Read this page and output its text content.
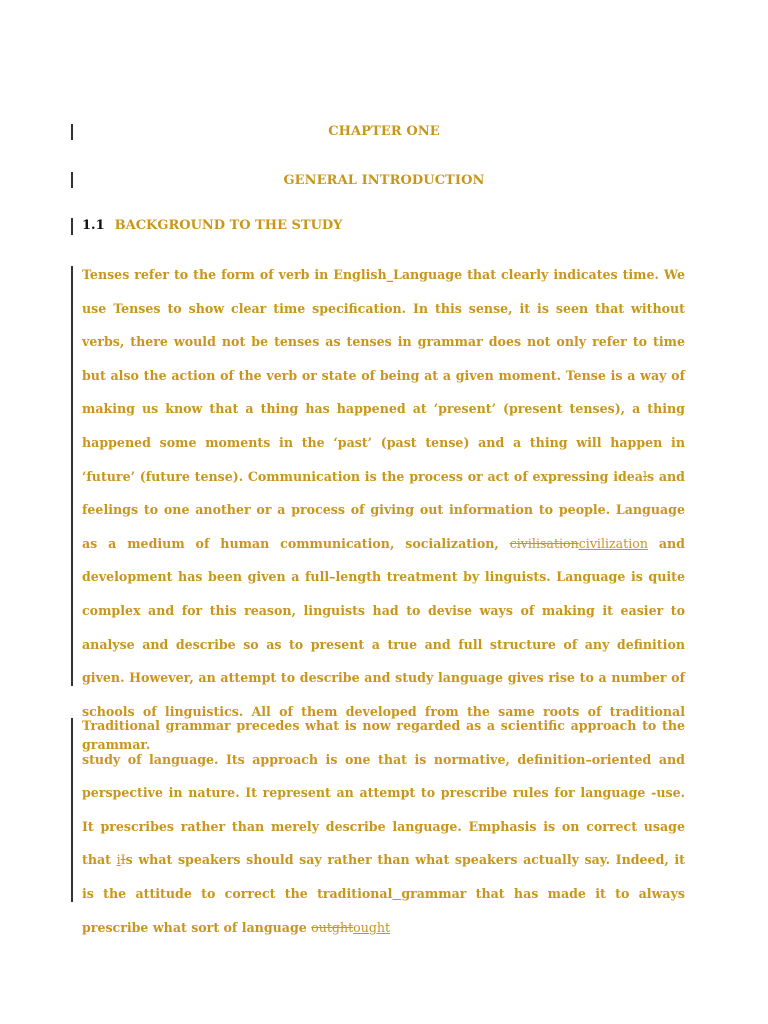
CHAPTER ONE
GENERAL INTRODUCTION
1.1 BACKGROUND TO THE STUDY

Tenses refer to the form of verb in English_Language that clearly indicates time. We use Tenses to show clear time specification. In this sense, it is seen that without verbs, there would not be tenses as tenses in grammar does not only refer to time but also the action of the verb or state of being at a given moment. Tense is a way of making us know that a thing has happened at ‘present’ (present tenses), a thing happened some moments in the ‘past’ (past tense) and a thing will happen in ‘future’ (future tense). Communication is the process or act of expressing ideals and feelings to one another or a process of giving out information to people. Language as a medium of human communication, socialization, civilisationcivilization and development has been given a full–length treatment by linguists. Language is quite complex and for this reason, linguists had to devise ways of making it easier to analyse and describe so as to present a true and full structure of any definition given. However, an attempt to describe and study language gives rise to a number of schools of linguistics. All of them developed from the same roots of traditional grammar.

Traditional grammar precedes what is now regarded as a scientific approach to the study of language. Its approach is one that is normative, definition–oriented and perspective in nature. It represent an attempt to prescribe rules for language -use. It prescribes rather than merely describe language. Emphasis is on correct usage that iIs what speakers should say rather than what speakers actually say. Indeed, it is the attitude to correct the traditional grammar that has made it to always prescribe what sort of language outghtought
